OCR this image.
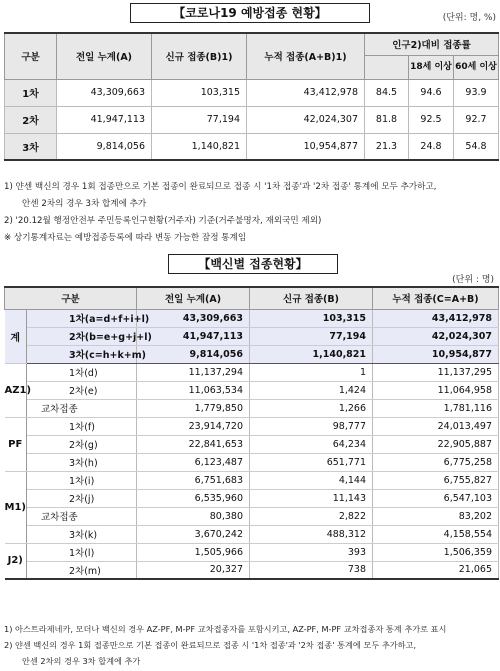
【코로나19 예방접종 현황】	(단위: 명, %)
구분	전일 누계(A)	신규 접종(B)1)	누적 접종(A+B)1)	인구2)대비 접종률		
					18세 이상	60세 이상
1차	43,309,663	103,315	43,412,978	84.5	94.6	93.9
2차	41,947,113	77,194	42,024,307	81.8	92.5	92.7
3차	9,814,056	1,140,821	10,954,877	21.3	24.8	54.8
1) 얀센 백신의 경우 1회 접종만으로 기본 접종이 완료되므로 접종 시 '1차 접종'과 '2차 접종' 통계에 모두 추가하고,
안센 2차의 경우 3차 합계에 추가
2) '20.12월 행정안전부 주민등록인구현황(거주자) 기준(거주불명자, 재외국민 제외)
※ 상기통계자료는 예방접종등록에 따라 변동 가능한 잠정 통계임
【백신별 접종현황】
(단위 : 명)
구분		전일 누계(A)	신규 접종(B)	누적 접종(C=A+B)
계	1차(a=d+f+i+l)	43,309,663	103,315	43,412,978
	2차(b=e+g+j+l)	41,947,113	77,194	42,024,307
	3차(c=h+k+m)	9,814,056	1,140,821	10,954,877
AZ1)	1차(d)	11,137,294	1	11,137,295
	2차(e)	11,063,534	1,424	11,064,958
	교차접종	1,779,850	1,266	1,781,116
PF	1차(f)	23,914,720	98,777	24,013,497
	2차(g)	22,841,653	64,234	22,905,887
	3차(h)	6,123,487	651,771	6,775,258
M1)	1차(i)	6,751,683	4,144	6,755,827
	2차(j)	6,535,960	11,143	6,547,103
	교차접종	80,380	2,822	83,202
	3차(k)	3,670,242	488,312	4,158,554
J2)	1차(l)	1,505,966	393	1,506,359
	2차(m)	20,327	738	21,065
1) 아스트라제네카, 모더나 백신의 경우 AZ-PF, M-PF 교차접종자를 포함시키고, AZ-PF, M-PF 교차접종자 통계 추가로 표시
2) 얀센 백신의 경우 1회 접종만으로 기본 접종이 완료되므로 접종 시 '1차 접종'과 '2차 접종' 통계에 모두 추가하고,
안센 2차의 경우 3차 합계에 추가
